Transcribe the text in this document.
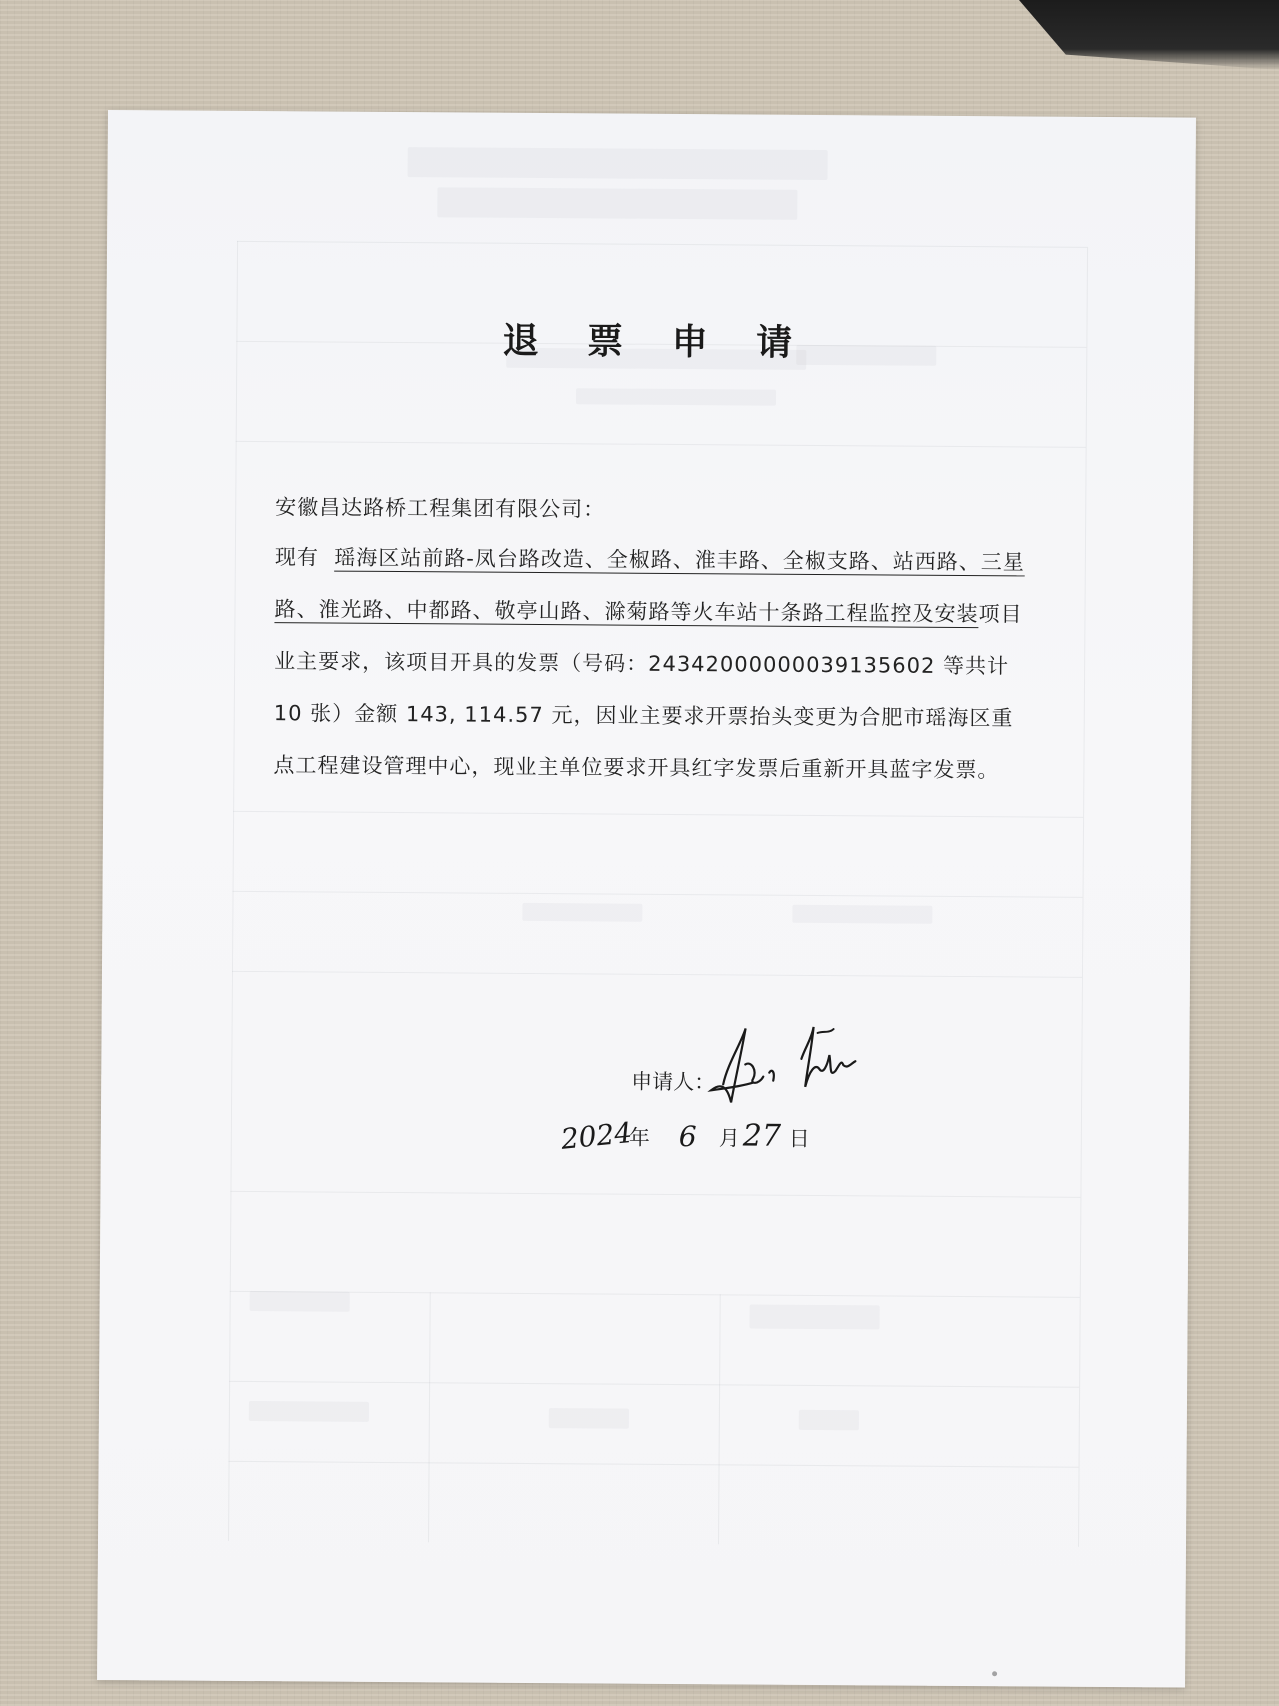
退 票 申 请
安徽昌达路桥工程集团有限公司：

现有 瑶海区站前路-凤台路改造、全椒路、淮丰路、全椒支路、站西路、三星路、淮光路、中都路、敬亭山路、滁菊路等火车站十条路工程监控及安装项目业主要求，该项目开具的发票（号码：24342000000039135602 等共计 10 张）金额 143, 114.57 元，因业主要求开票抬头变更为合肥市瑶海区重点工程建设管理中心，现业主单位要求开具红字发票后重新开具蓝字发票。

申请人：
2024
年 6 月 27 日
